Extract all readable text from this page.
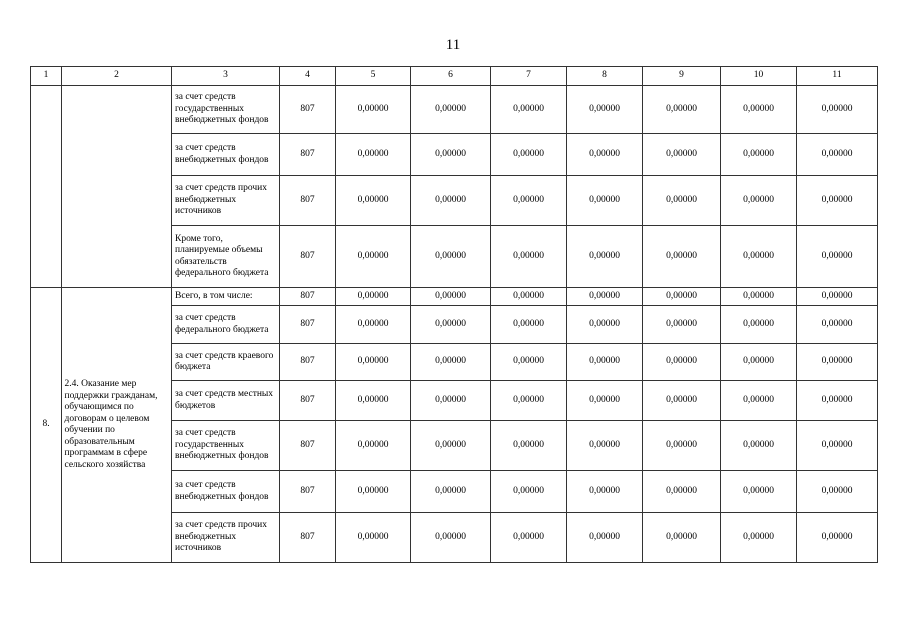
11
1	2	3	4	5	6	7	8	9	10	11
		за счет средств государственных внебюджетных фондов	807	0,00000	0,00000	0,00000	0,00000	0,00000	0,00000	0,00000
		за счет средств внебюджетных фондов	807	0,00000	0,00000	0,00000	0,00000	0,00000	0,00000	0,00000
		за счет средств прочих внебюджетных источников	807	0,00000	0,00000	0,00000	0,00000	0,00000	0,00000	0,00000
		Кроме того, планируемые объемы обязательств федерального бюджета	807	0,00000	0,00000	0,00000	0,00000	0,00000	0,00000	0,00000
8.	2.4. Оказание мер поддержки гражданам, обучающимся по договорам о целевом обучении по образовательным программам в сфере сельского хозяйства	Всего, в том числе:	807	0,00000	0,00000	0,00000	0,00000	0,00000	0,00000	0,00000
		за счет средств федерального бюджета	807	0,00000	0,00000	0,00000	0,00000	0,00000	0,00000	0,00000
		за счет средств краевого бюджета	807	0,00000	0,00000	0,00000	0,00000	0,00000	0,00000	0,00000
		за счет средств местных бюджетов	807	0,00000	0,00000	0,00000	0,00000	0,00000	0,00000	0,00000
		за счет средств государственных внебюджетных фондов	807	0,00000	0,00000	0,00000	0,00000	0,00000	0,00000	0,00000
		за счет средств внебюджетных фондов	807	0,00000	0,00000	0,00000	0,00000	0,00000	0,00000	0,00000
		за счет средств прочих внебюджетных источников	807	0,00000	0,00000	0,00000	0,00000	0,00000	0,00000	0,00000
